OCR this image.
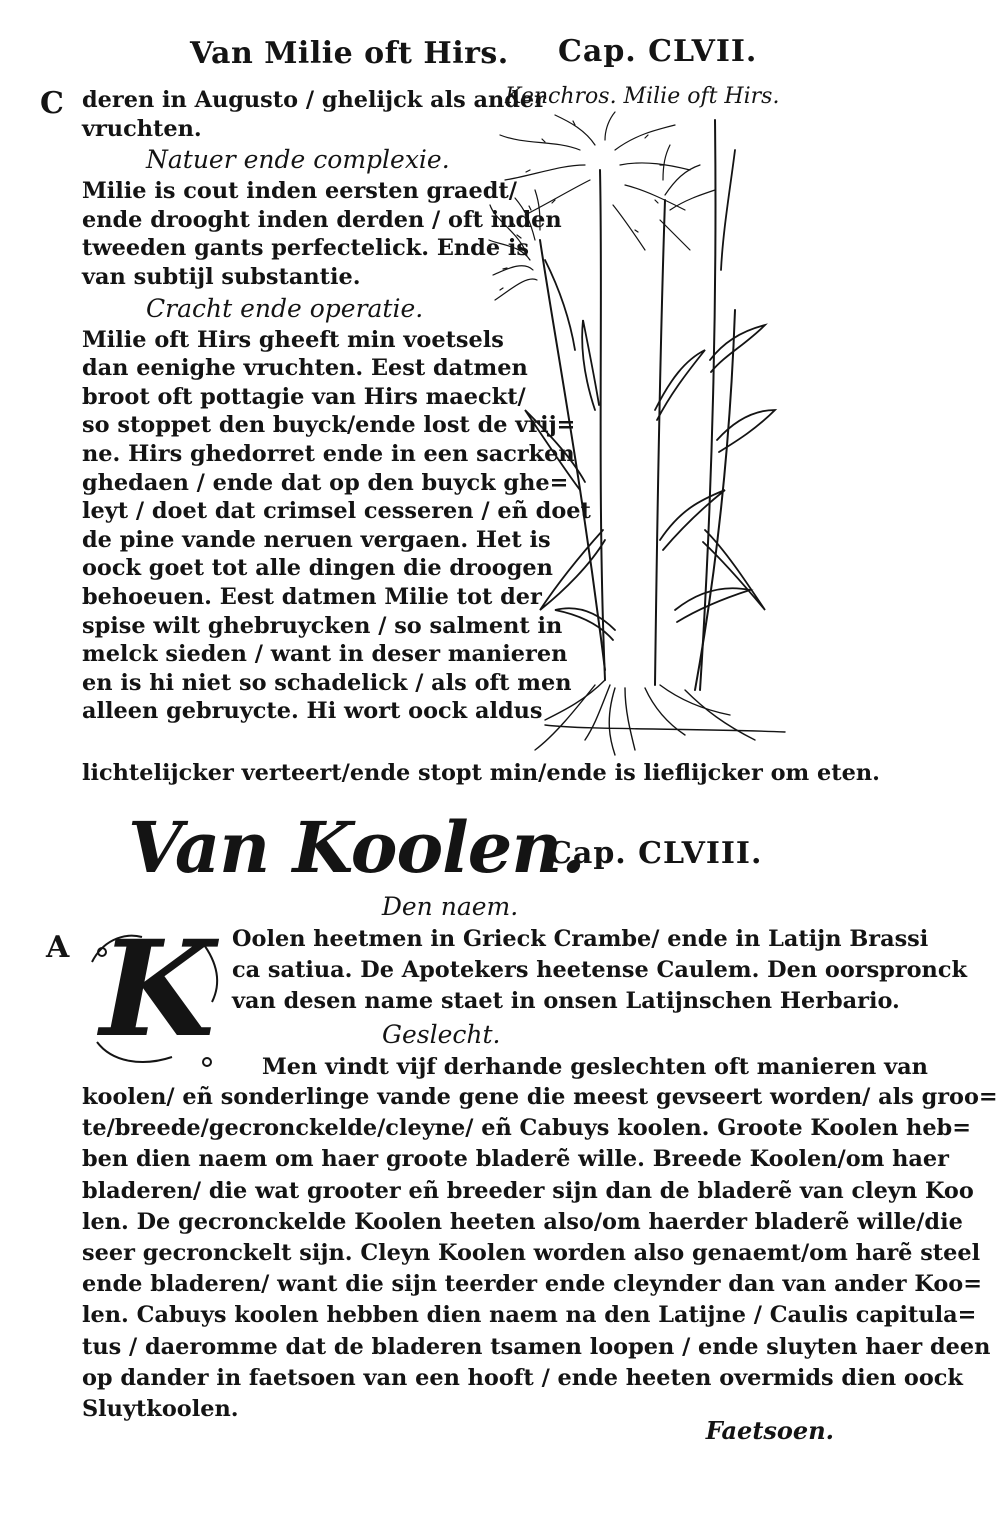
Van Milie oft Hirs. Cap. CLVII.
C deren in Augusto / ghelijck als ander
vruchten.
Natuer ende complexie.
Milie is cout inden eersten graedt/
ende drooght inden derden / oft inden
tweeden gants perfectelick. Ende is
van subtijl substantie.
Cracht ende operatie.
Milie oft Hirs gheeft min voetsels
dan eenighe vruchten. Eest datmen
broot oft pottagie van Hirs maeckt/
so stoppet den buyck/ende lost de vrij=
ne. Hirs ghedorret ende in een sacrken
ghedaen / ende dat op den buyck ghe=
leyt / doet dat crimsel cesseren / eñ doet
de pine vande neruen vergaen. Het is
oock goet tot alle dingen die droogen
behoeuen. Eest datmen Milie tot der
spise wilt ghebruycken / so salment in
melck sieden / want in deser manieren
en is hi niet so schadelick / als oft men
alleen gebruycte. Hi wort oock aldus
Kenchros. Milie oft Hirs.
lichtelijcker verteert/ende stopt min/ende is lieflijcker om eten.
Van Koolen.
Cap. CLVIII.
Den naem.
A K Oolen heetmen in Grieck Crambe/ ende in Latijn Brassi
ca satiua. De Apotekers heetense Caulem. Den oorspronck
van desen name staet in onsen Latijnschen Herbario.
Geslecht.
Men vindt vijf derhande geslechten oft manieren van
koolen/ eñ sonderlinge vande gene die meest gevseert worden/ als groo=
te/breede/gecronckelde/cleyne/ eñ Cabuys koolen. Groote Koolen heb=
ben dien naem om haer groote bladerẽ wille. Breede Koolen/om haer
bladeren/ die wat grooter eñ breeder sijn dan de bladerẽ van cleyn Koo
len. De gecronckelde Koolen heeten also/om haerder bladerẽ wille/die
seer gecronckelt sijn. Cleyn Koolen worden also genaemt/om harẽ steel
ende bladeren/ want die sijn teerder ende cleynder dan van ander Koo=
len. Cabuys koolen hebben dien naem na den Latijne / Caulis capitula=
tus / daeromme dat de bladeren tsamen loopen / ende sluyten haer deen
op dander in faetsoen van een hooft / ende heeten overmids dien oock
Sluytkoolen.
Faetsoen.
